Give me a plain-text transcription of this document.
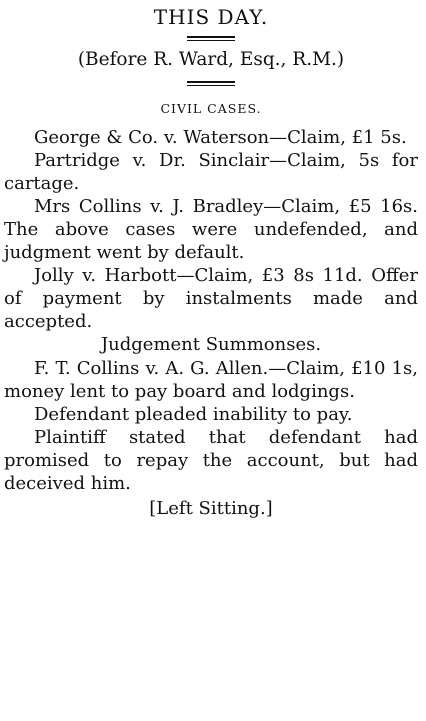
THIS DAY.
(Before R. Ward, Esq., R.M.)
CIVIL CASES.

George & Co. v. Waterson—Claim, £1 5s.

Partridge v. Dr. Sinclair—Claim, 5s for cartage.

Mrs Collins v. J. Bradley—Claim, £5 16s. The above cases were undefended, and judgment went by default.

Jolly v. Harbott—Claim, £3 8s 11d. Offer of payment by instalments made and accepted.

Judgement Summonses.

F. T. Collins v. A. G. Allen.—Claim, £10 1s, money lent to pay board and lodgings.

Defendant pleaded inability to pay.

Plaintiff stated that defendant had promised to repay the account, but had deceived him.

[Left Sitting.]
